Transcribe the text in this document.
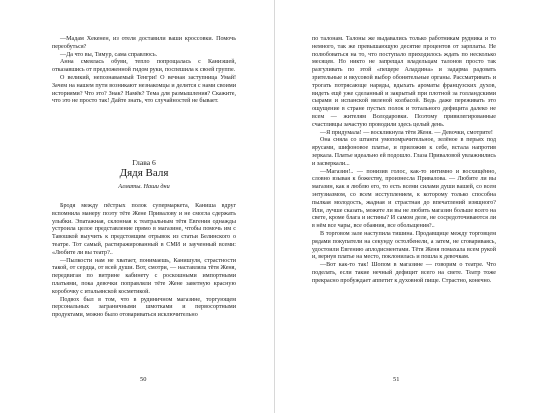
—Мадам Хекенен, из отеля доставили ваши кроссовки. Помочь переобуться?

—Да что вы, Тимур, сама справлюсь.

Анна смеялась обуви, тепло попрощалась с Каниэшей, отказавшись от предложенной гидом руки, поспешила к своей группе.

О великий, непознаваемый Тенгри! О вечная заступница Умай! Зачем на нашем пути возникают незнакомцы и делятся с нами своими историями? Что это? Знак? Намёк? Тема для размышления? Скажите, что это не просто так! Дайте знать, что случайностей не бывает.

Глава 6
Дядя Валя
Алматы. Наши дни

Бродя между пёстрых полок супермаркета, Каниша вдруг вспомнила манеру поэту тёте Жене Привалову и не смогла сдержать улыбки. Эпатажная, склонная к театральным тётя Евгения однажды устроила целое представление прямо в магазине, чтобы помочь им с Тавошкой выучить к предстоящим отрывок из статьи Белинского о театре. Тот самый, растиражированный в СМИ и заученный всеми: «Любите ли вы театр?..

—Пылкости нам не хватает, понимаешь, Канишуля, страстности такой, от сердца, от всей души. Вот, смотри, — наставляла тётя Женя, передвигая по витрине кабинету с роскошными импортными платьями, пока девочки поправляли тёте Жене заветную красную коробочку с итальянской косметикой.

Подвох был в том, что в рудиничном магазине, торгующем персональных заграничными шмотками и первосортными продуктами, можно было отовариваться исключительно

50

по талонам. Талоны же выдавались только работникам рудника и то немного, так же превышающую десятие процентов от зарплаты. Не полюбоваться на то, что поступало приходилось ждать по несколько месяцев. Но никто не запрещал владельцам талонов просто так разгуливать по этой «пещере Аладдина» и задарма радовать зрительные и вкусовой выбор обонятельные органы. Рассматривать и трогать потрясающе наряды, вдыхать ароматы французских духов, видеть ещё уже сделанный и закрытый при плотной за голландскими сырами и испанской вяленой колбасой. Ведь даже переживать это ощущение в стране пустых полок и тотального дефицита далеко не всем — жителям Володаровки. Поэтому привилегированные счастливцы зачастую проводили здесь целый день.

—Я придумала! — воскликнула тётя Женя. — Девочки, смотрите!

Она сняла со штанги умопомрачительное, зелёное в перьях под ярусами, шифоновое платье, и приложив к себе, встала напротив зеркала. Платье идеально ей подошло. Глаза Привaловой увлажнились и засверкали...

—Магазин!.. — понизив голос, как-то интимно и восхищённо, словно взывая к божеству, произнесла Привалова. — Любите ли вы магазин, как я люблю его, то есть всеми силами души вашей, со всем энтузиазмом, со всем исступлением, к которому только способна пылкая молодость, жадная и страстная до впечатлений изящного? Или, лучше сказать, можете ли вы не любить магазин больше всего на свете, кроме блага и истины? И самом деле, не сосредоточиваются ли в нём все чары, все обаяния, все обольщения?..

В торговом зале наступила тишина. Продавщице между торговцем рядами покупатели на секунду остолбенели, а затем, не сговариваясь, удостоили Евгению аплодисментами. Тётя Женя помахала всем рукой и, вернув платье на место, поклонилась и пошла к девочкам.

—Вот как-то так! Шопом в магазине — говорим о театре. Что поделать, если такие нечный дефицит всего на свете. Театр тоже прекрасно пробуждает аппетит к духовной пище. Страстно, конечно.

51
